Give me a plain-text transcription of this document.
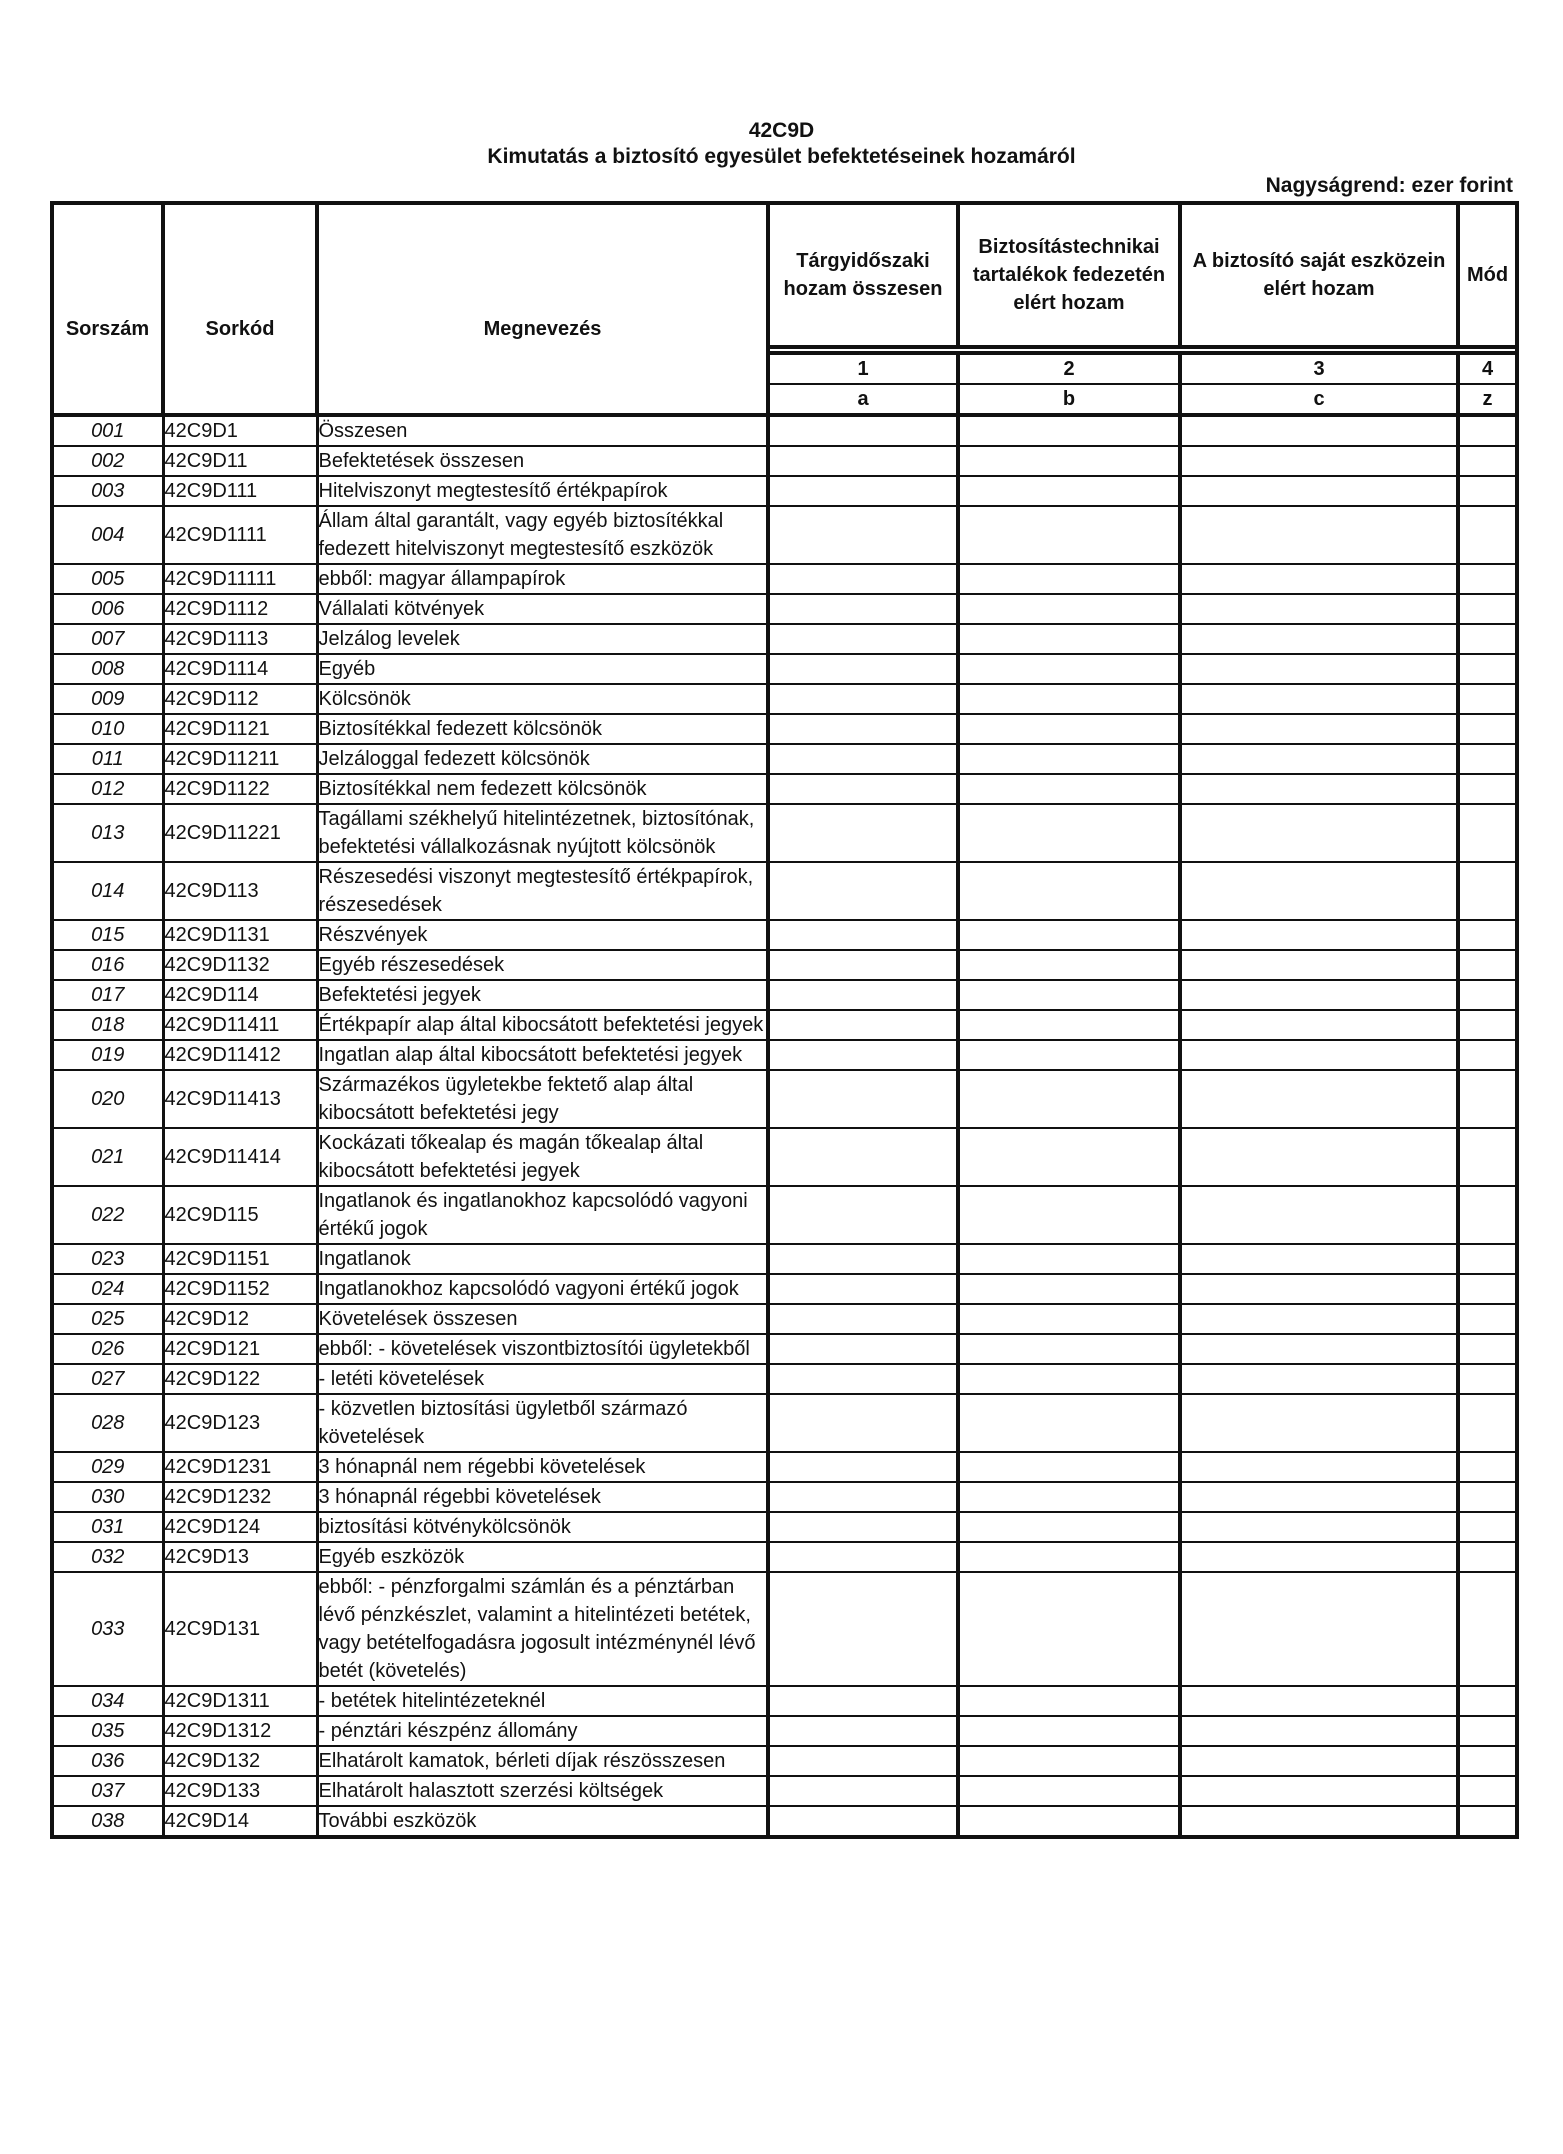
42C9D
Kimutatás a biztosító egyesület befektetéseinek hozamáról
Nagyságrend: ezer forint
Sorszám	Sorkód	Megnevezés	Tárgyidőszaki hozam összesen	Biztosítástechnikai tartalékok fedezetén elért hozam	A biztosító saját eszközein elért hozam	Mód

			1	2	3	4
			a	b	c	z
001	42C9D1	Összesen				
002	42C9D11	Befektetések összesen				
003	42C9D111	Hitelviszonyt megtestesítő értékpapírok				
004	42C9D1111	Állam által garantált, vagy egyéb biztosítékkal fedezett hitelviszonyt megtestesítő eszközök				
005	42C9D11111	ebből: magyar állampapírok				
006	42C9D1112	Vállalati kötvények				
007	42C9D1113	Jelzálog levelek				
008	42C9D1114	Egyéb				
009	42C9D112	Kölcsönök				
010	42C9D1121	Biztosítékkal fedezett kölcsönök				
011	42C9D11211	Jelzáloggal fedezett kölcsönök				
012	42C9D1122	Biztosítékkal nem fedezett kölcsönök				
013	42C9D11221	Tagállami székhelyű hitelintézetnek, biztosítónak, befektetési vállalkozásnak nyújtott kölcsönök				
014	42C9D113	Részesedési viszonyt megtestesítő értékpapírok, részesedések				
015	42C9D1131	Részvények				
016	42C9D1132	Egyéb részesedések				
017	42C9D114	Befektetési jegyek				
018	42C9D11411	Értékpapír alap által kibocsátott befektetési jegyek				
019	42C9D11412	Ingatlan alap által kibocsátott befektetési jegyek				
020	42C9D11413	Származékos ügyletekbe fektető alap által kibocsátott befektetési jegy				
021	42C9D11414	Kockázati tőkealap és magán tőkealap által kibocsátott befektetési jegyek				
022	42C9D115	Ingatlanok és ingatlanokhoz kapcsolódó vagyoni értékű jogok				
023	42C9D1151	Ingatlanok				
024	42C9D1152	Ingatlanokhoz kapcsolódó vagyoni értékű jogok				
025	42C9D12	Követelések összesen				
026	42C9D121	ebből: - követelések viszontbiztosítói ügyletekből				
027	42C9D122	- letéti követelések				
028	42C9D123	- közvetlen biztosítási ügyletből származó követelések				
029	42C9D1231	3 hónapnál nem régebbi követelések				
030	42C9D1232	3 hónapnál régebbi követelések				
031	42C9D124	biztosítási kötvénykölcsönök				
032	42C9D13	Egyéb eszközök				
033	42C9D131	ebből: - pénzforgalmi számlán és a pénztárban lévő pénzkészlet, valamint a hitelintézeti betétek, vagy betételfogadásra jogosult intézménynél lévő betét (követelés)				
034	42C9D1311	- betétek hitelintézeteknél				
035	42C9D1312	- pénztári készpénz állomány				
036	42C9D132	Elhatárolt kamatok, bérleti díjak részösszesen				
037	42C9D133	Elhatárolt halasztott szerzési költségek				
038	42C9D14	További eszközök				
